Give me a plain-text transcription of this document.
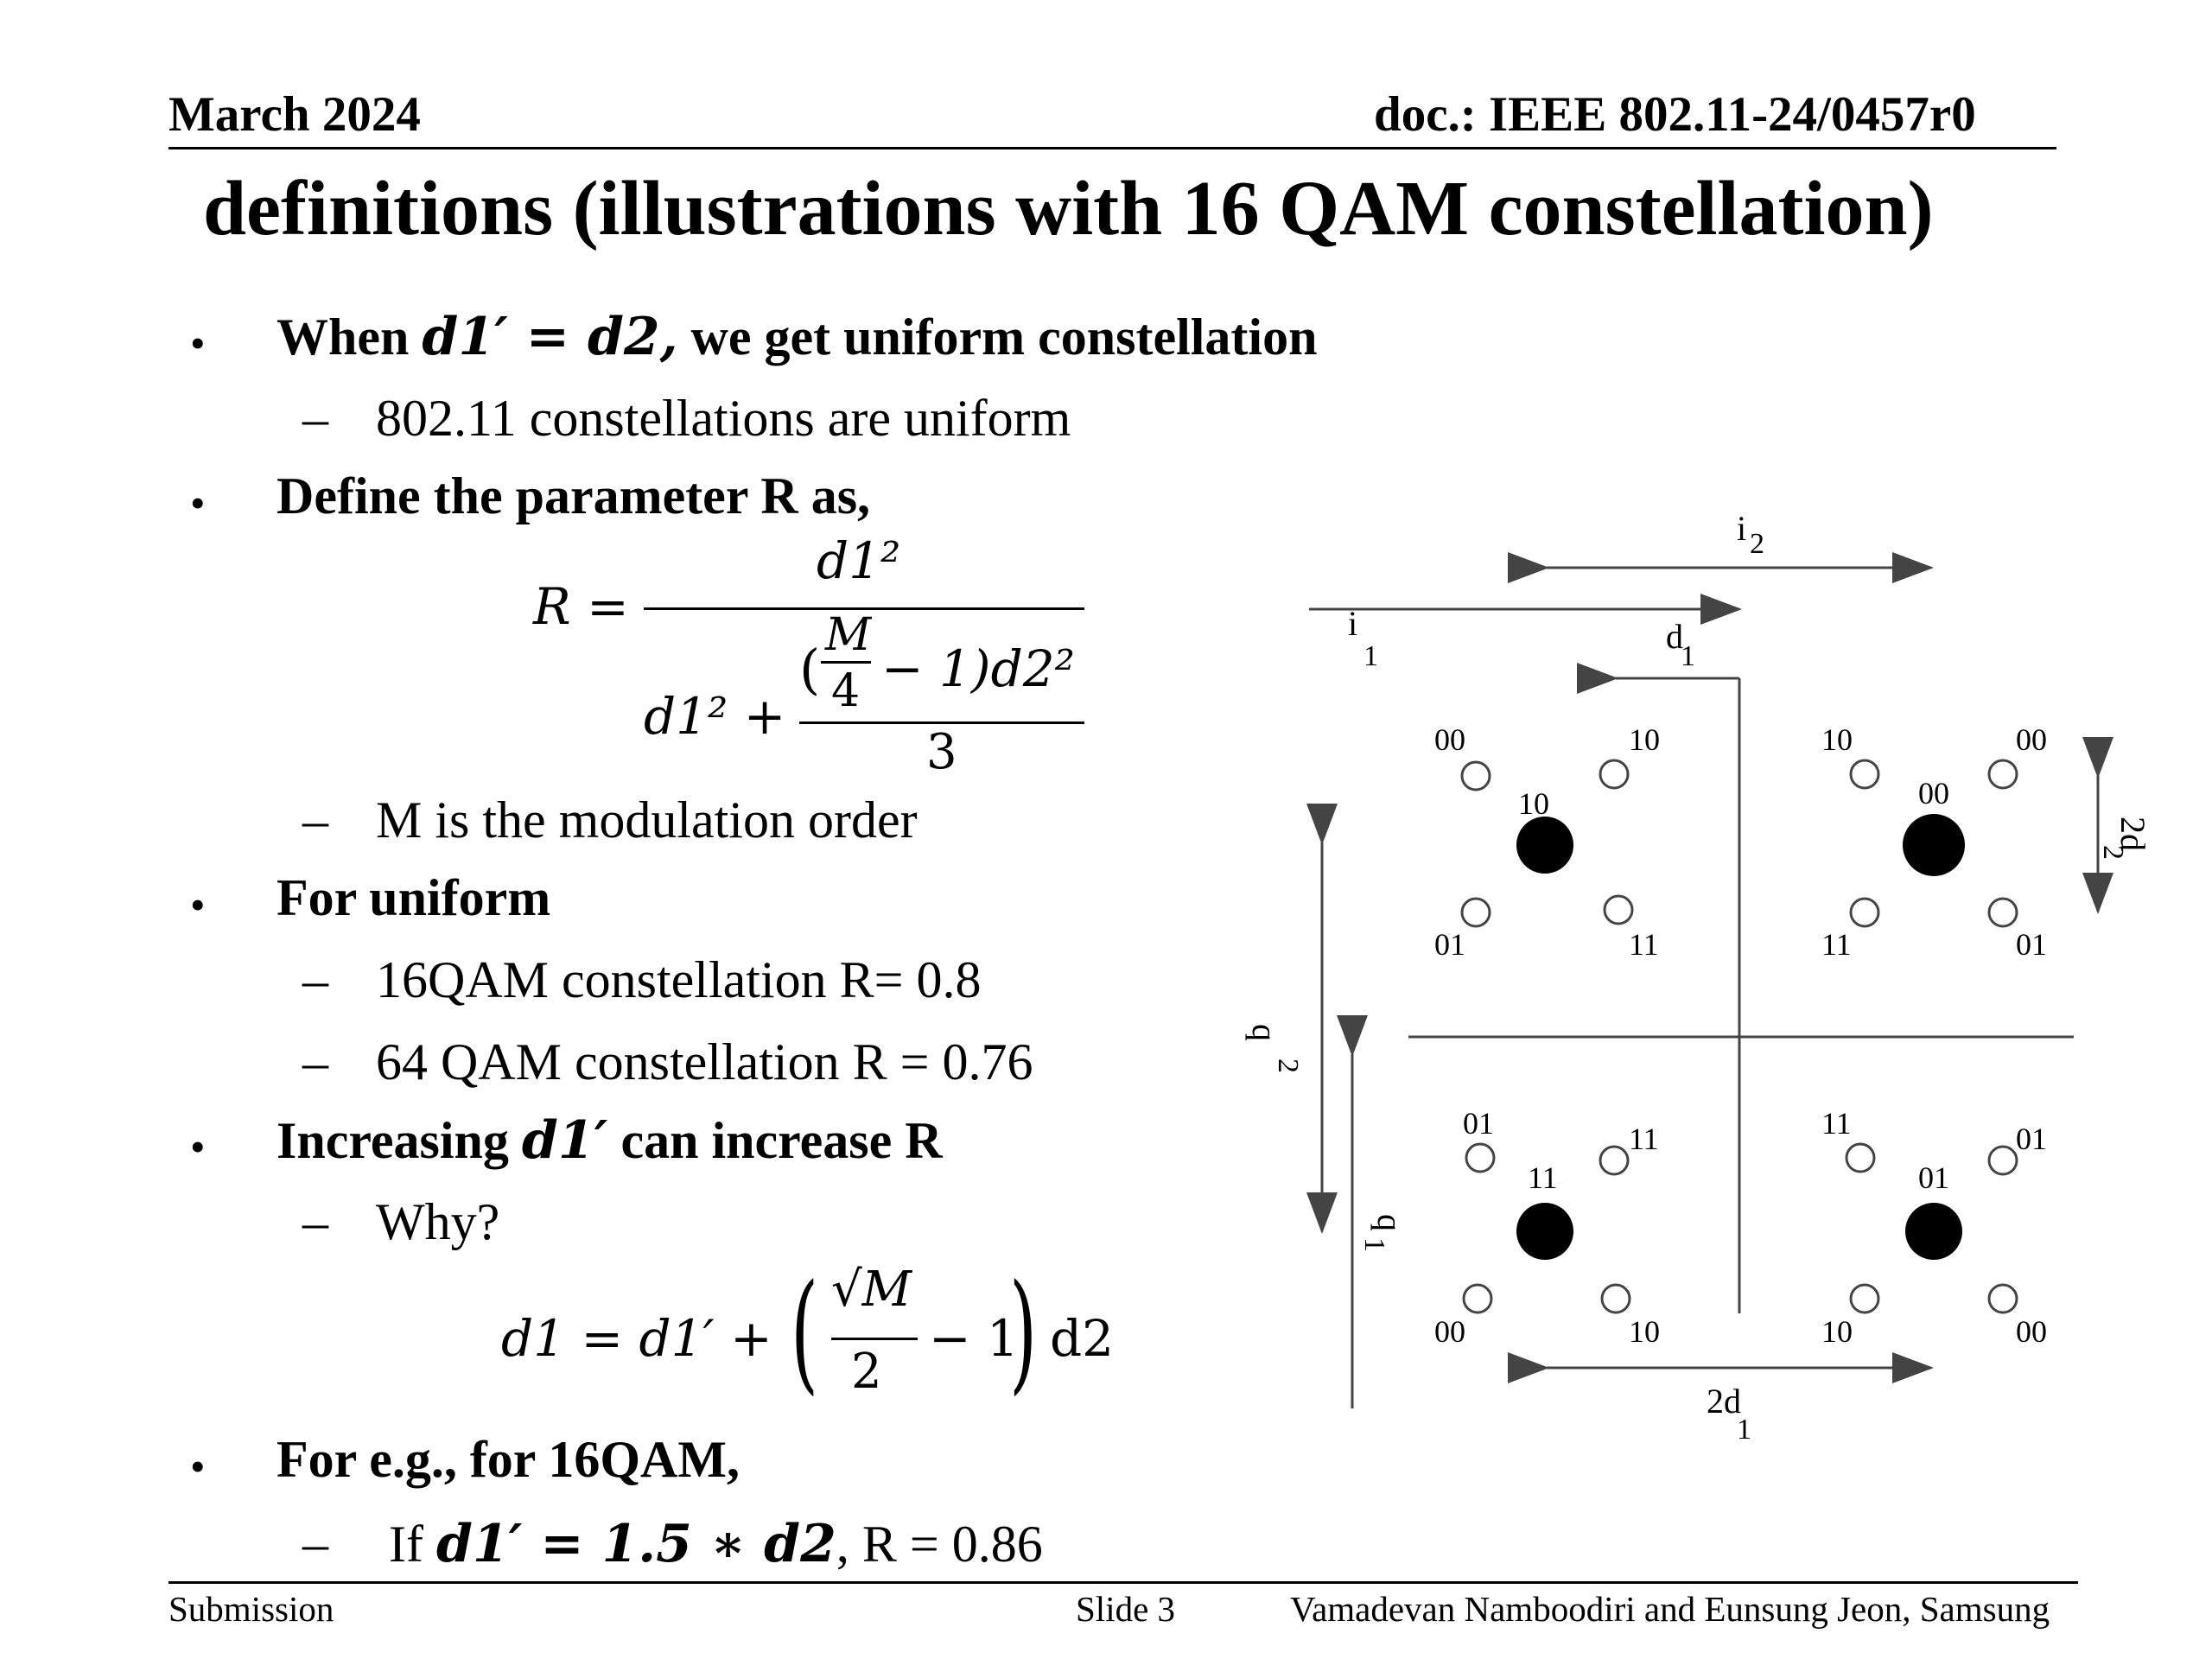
March 2024	doc.: IEEE 802.11-24/0457r0
definitions (illustrations with 16 QAM constellation)
• When d1′ = d2, we get uniform constellation
– 802.11 constellations are uniform
• Define the parameter R as,
R =
d1²
d1² +
(
M
4 − 1)d2²
3
– M is the modulation order
• For uniform
– 16QAM constellation R= 0.8
– 64 QAM constellation R = 0.76
• Increasing d1′ can increase R
– Why?
d1 = d1′ + ( √M
2
− 1
) d2
• For e.g., for 16QAM,
– If d1′ = 1.5 ∗ d2, R = 0.86
00	10	10	00
10	00
01	11	11	01
01	11	11	01
11	01
00	10	10	00
i 2
i
1
d
1
2d
1
q
2
q
1
2d
2
Submission	Slide 3	Vamadevan Namboodiri and Eunsung Jeon, Samsung
